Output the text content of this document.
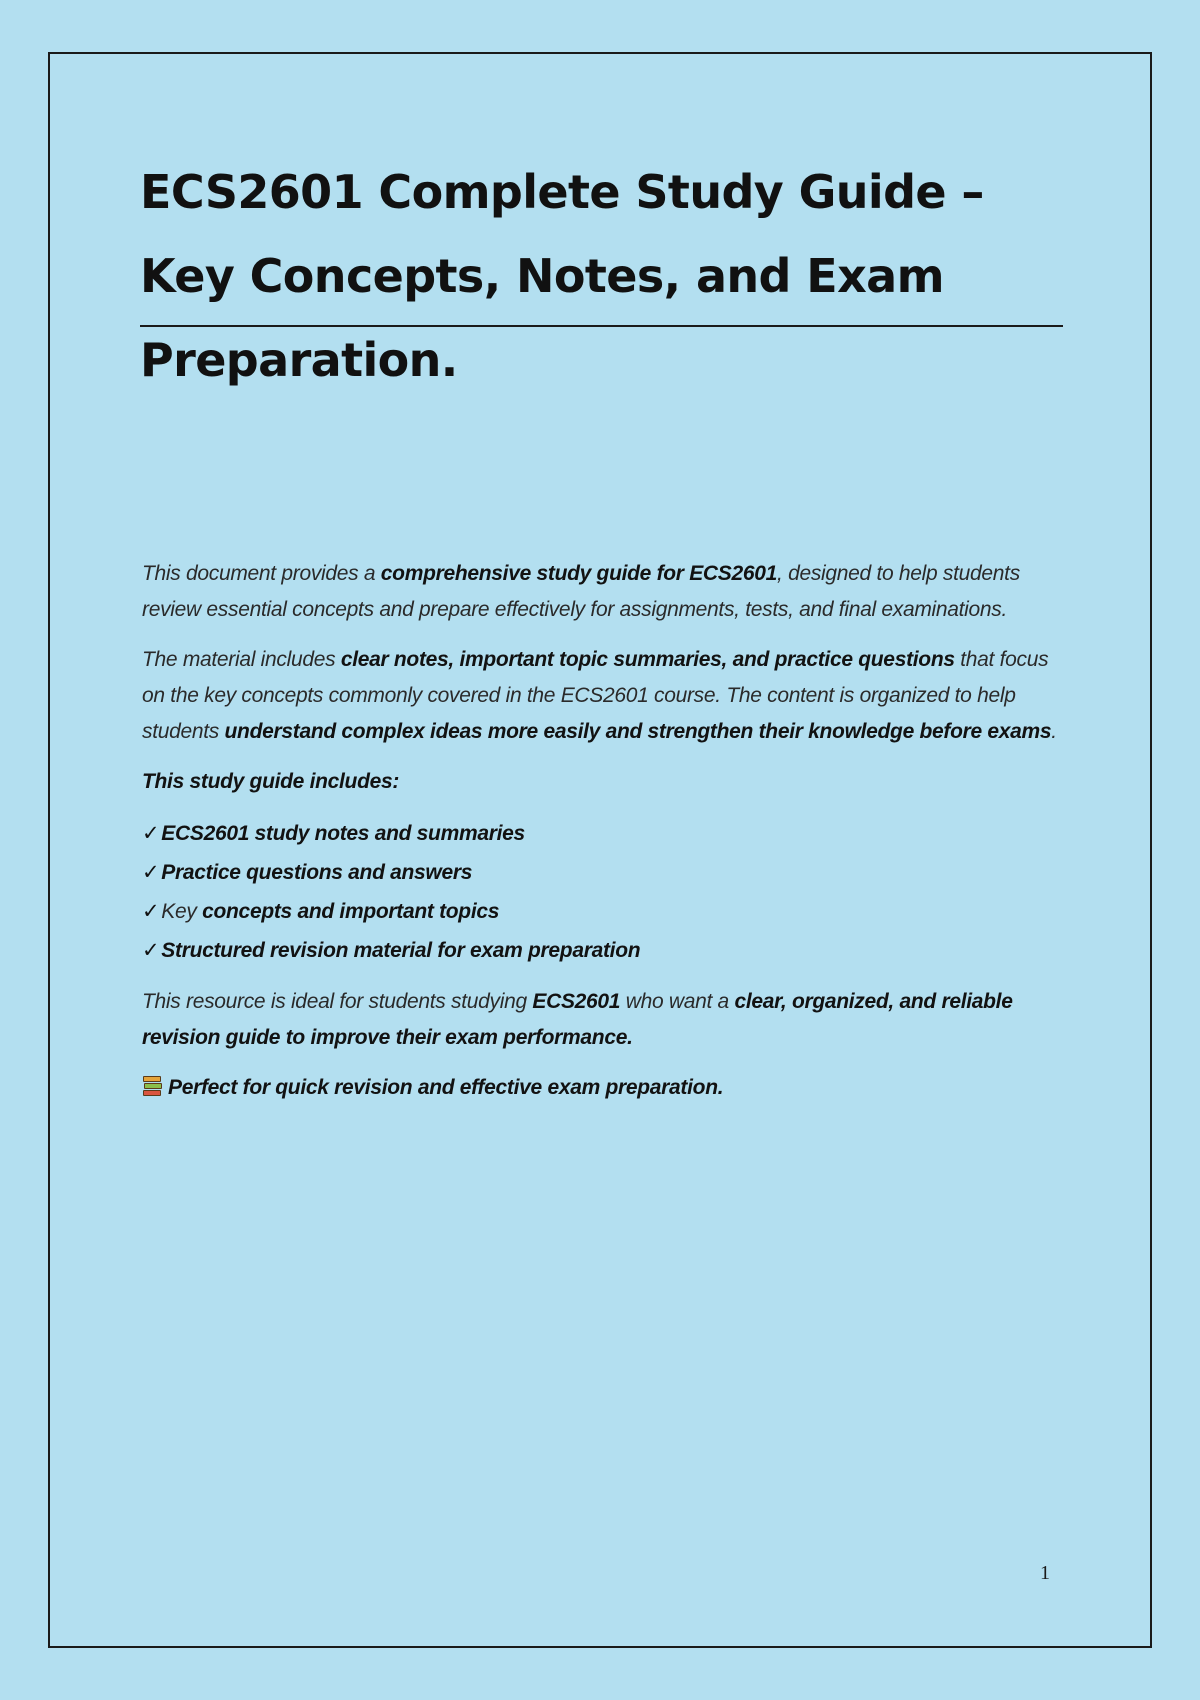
ECS2601 Complete Study Guide – Key Concepts, Notes, and Exam Preparation.

This document provides a comprehensive study guide for ECS2601, designed to help students review essential concepts and prepare effectively for assignments, tests, and final examinations.

The material includes clear notes, important topic summaries, and practice questions that focus on the key concepts commonly covered in the ECS2601 course. The content is organized to help students understand complex ideas more easily and strengthen their knowledge before exams.

This study guide includes:

✓ECS2601 study notes and summaries
✓Practice questions and answers
✓Key concepts and important topics
✓Structured revision material for exam preparation

This resource is ideal for students studying ECS2601 who want a clear, organized, and reliable revision guide to improve their exam performance.

Perfect for quick revision and effective exam preparation.

1
